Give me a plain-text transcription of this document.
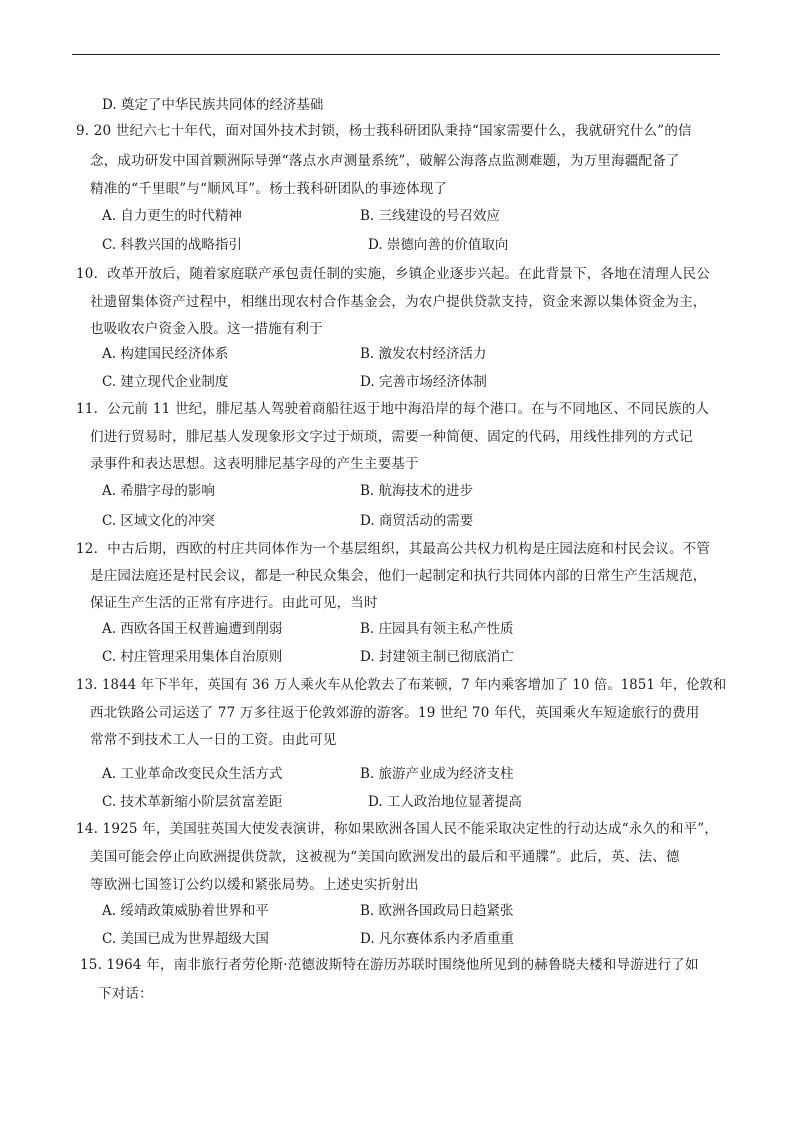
D. 奠定了中华民族共同体的经济基础
9. 20 世纪六七十年代，面对国外技术封锁，杨士莪科研团队秉持“国家需要什么，我就研究什么”的信
念，成功研发中国首颗洲际导弹“落点水声测量系统”，破解公海落点监测难题，为万里海疆配备了
精准的“千里眼”与“顺风耳”。杨士莪科研团队的事迹体现了
A. 自力更生的时代精神	B. 三线建设的号召效应
C. 科教兴国的战略指引	D. 崇德向善的价值取向
10．改革开放后，随着家庭联产承包责任制的实施，乡镇企业逐步兴起。在此背景下，各地在清理人民公
社遗留集体资产过程中，相继出现农村合作基金会，为农户提供贷款支持，资金来源以集体资金为主，
也吸收农户资金入股。这一措施有利于
A. 构建国民经济体系	B. 激发农村经济活力
C. 建立现代企业制度	D. 完善市场经济体制
11．公元前 11 世纪，腓尼基人驾驶着商船往返于地中海沿岸的每个港口。在与不同地区、不同民族的人
们进行贸易时，腓尼基人发现象形文字过于烦琐，需要一种简便、固定的代码，用线性排列的方式记
录事件和表达思想。这表明腓尼基字母的产生主要基于
A. 希腊字母的影响	B. 航海技术的进步
C. 区域文化的冲突	D. 商贸活动的需要
12．中古后期，西欧的村庄共同体作为一个基层组织，其最高公共权力机构是庄园法庭和村民会议。不管
是庄园法庭还是村民会议，都是一种民众集会，他们一起制定和执行共同体内部的日常生产生活规范，
保证生产生活的正常有序进行。由此可见，当时
A. 西欧各国王权普遍遭到削弱	B. 庄园具有领主私产性质
C. 村庄管理采用集体自治原则	D. 封建领主制已彻底消亡
13. 1844 年下半年，英国有 36 万人乘火车从伦敦去了布莱顿，7 年内乘客增加了 10 倍。1851 年，伦敦和
西北铁路公司运送了 77 万多往返于伦敦郊游的游客。19 世纪 70 年代，英国乘火车短途旅行的费用
常常不到技术工人一日的工资。由此可见
A. 工业革命改变民众生活方式	B. 旅游产业成为经济支柱
C. 技术革新缩小阶层贫富差距	D. 工人政治地位显著提高
14. 1925 年，美国驻英国大使发表演讲，称如果欧洲各国人民不能采取决定性的行动达成“永久的和平”，
美国可能会停止向欧洲提供贷款，这被视为“美国向欧洲发出的最后和平通牒”。此后，英、法、德
等欧洲七国签订公约以缓和紧张局势。上述史实折射出
A. 绥靖政策威胁着世界和平	B. 欧洲各国政局日趋紧张
C. 美国已成为世界超级大国	D. 凡尔赛体系内矛盾重重
15. 1964 年，南非旅行者劳伦斯·范德波斯特在游历苏联时围绕他所见到的赫鲁晓夫楼和导游进行了如
下对话：
